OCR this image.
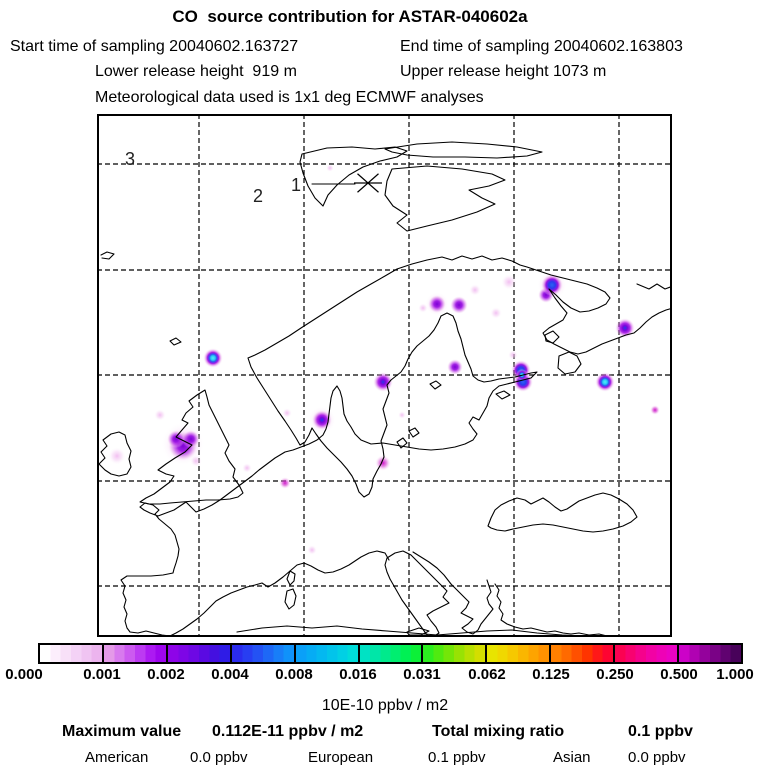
CO  source contribution for ASTAR-040602a
Start time of sampling 20040602.163727	End time of sampling 20040602.163803
Lower release height  919 m	Upper release height 1073 m
Meteorological data used is 1x1 deg ECMWF analyses
3
2
1
0.000	0.001 0.002 0.004 0.008 0.016 0.031 0.062 0.125 0.250 0.500 1.000
10E-10 ppbv / m2
Maximum value 0.112E-11 ppbv / m2	Total mixing ratio	0.1 ppbv
American	0.0 ppbv	European	0.1 ppbv	Asian 0.0 ppbv
